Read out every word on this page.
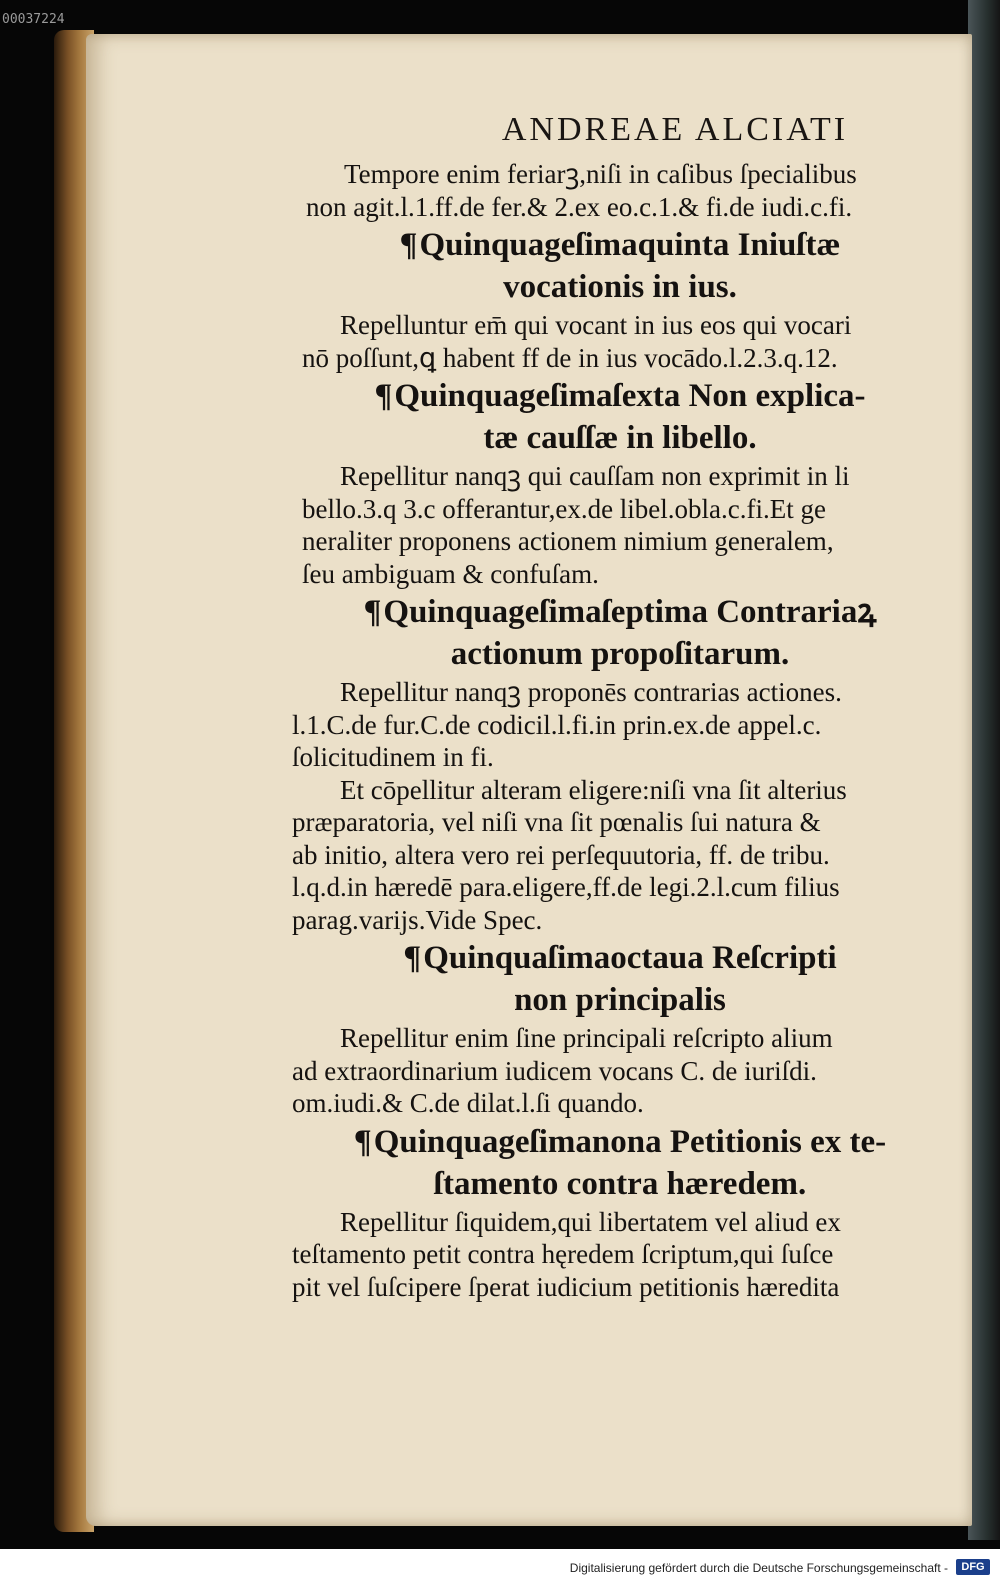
00037224
ANDREAE ALCIATI
Tempore enim feriarꝫ,niſi in caſibus ſpecialibus
non agit.l.1.ff.de fer.& 2.ex eo.c.1.& fi.de iudi.c.fi.
¶Quinquageſimaquinta Iniuſtæ
vocationis in ius.
Repelluntur em̄ qui vocant in ius eos qui vocari
nō poſſunt,ꝗ habent ff de in ius vocādo.l.2.3.q.12.
¶Quinquageſimaſexta Non explica-
tæ cauſſæ in libello.
Repellitur nanqꝫ qui cauſſam non exprimit in li
bello.3.q 3.c offerantur,ex.de libel.obla.c.fi.Et ge
neraliter proponens actionem nimium generalem,
ſeu ambiguam & confuſam.
¶Quinquageſimaſeptima Contrariaꝝ
actionum propoſitarum.
Repellitur nanqꝫ proponēs contrarias actiones.
l.1.C.de fur.C.de codicil.l.fi.in prin.ex.de appel.c.
ſolicitudinem in fi.
Et cōpellitur alteram eligere:niſi vna ſit alterius
præparatoria, vel niſi vna ſit pœnalis ſui natura &
ab initio, altera vero rei perſequutoria, ff. de tribu.
l.q.d.in hæredē para.eligere,ff.de legi.2.l.cum filius
parag.varijs.Vide Spec.
¶Quinquaſimaoctaua Reſcripti
non principalis
Repellitur enim ſine principali reſcripto alium
ad extraordinarium iudicem vocans C. de iuriſdi.
om.iudi.& C.de dilat.l.ſi quando.
¶Quinquageſimanona Petitionis ex te-
ſtamento contra hæredem.
Repellitur ſiquidem,qui libertatem vel aliud ex
teſtamento petit contra hęredem ſcriptum,qui ſuſce
pit vel ſuſcipere ſperat iudicium petitionis hæredita
Digitalisierung gefördert durch die Deutsche Forschungsgemeinschaft -	DFG
